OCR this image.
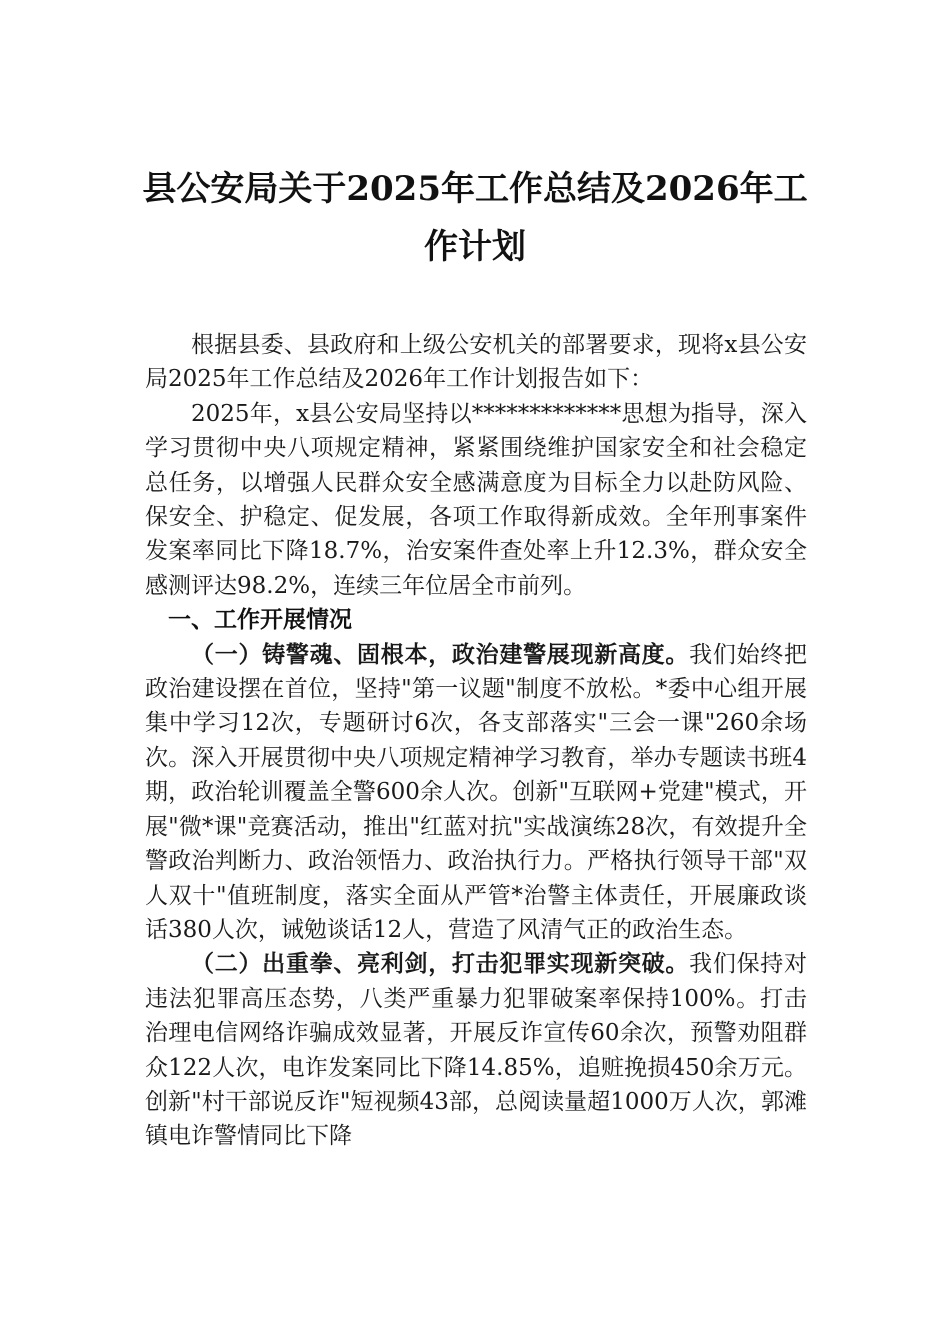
县公安局关于2025年工作总结及2026年工作计划

根据县委、县政府和上级公安机关的部署要求，现将x县公安局2025年工作总结及2026年工作计划报告如下：

2025年，x县公安局坚持以*************思想为指导，深入学习贯彻中央八项规定精神，紧紧围绕维护国家安全和社会稳定总任务，以增强人民群众安全感满意度为目标全力以赴防风险、保安全、护稳定、促发展，各项工作取得新成效。全年刑事案件发案率同比下降18.7%，治安案件查处率上升12.3%，群众安全感测评达98.2%，连续三年位居全市前列。

一、工作开展情况

（一）铸警魂、固根本，政治建警展现新高度。我们始终把政治建设摆在首位，坚持"第一议题"制度不放松。*委中心组开展集中学习12次，专题研讨6次，各支部落实"三会一课"260余场次。深入开展贯彻中央八项规定精神学习教育，举办专题读书班4期，政治轮训覆盖全警600余人次。创新"互联网+党建"模式，开展"微*课"竞赛活动，推出"红蓝对抗"实战演练28次，有效提升全警政治判断力、政治领悟力、政治执行力。严格执行领导干部"双人双十"值班制度，落实全面从严管*治警主体责任，开展廉政谈话380人次，诫勉谈话12人，营造了风清气正的政治生态。

（二）出重拳、亮利剑，打击犯罪实现新突破。我们保持对违法犯罪高压态势，八类严重暴力犯罪破案率保持100%。打击治理电信网络诈骗成效显著，开展反诈宣传60余次，预警劝阻群众122人次，电诈发案同比下降14.85%，追赃挽损450余万元。创新"村干部说反诈"短视频43部，总阅读量超1000万人次，郭滩镇电诈警情同比下降
